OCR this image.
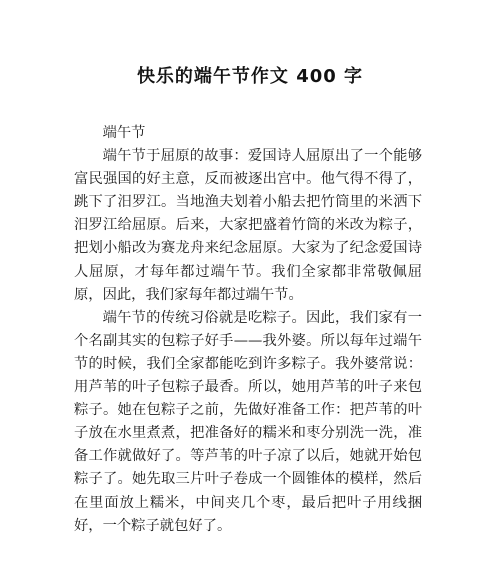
快乐的端午节作文 400 字

端午节

端午节于屈原的故事：爱国诗人屈原出了一个能够富民强国的好主意，反而被逐出宫中。他气得不得了，跳下了汨罗江。当地渔夫划着小船去把竹筒里的米洒下汨罗江给屈原。后来，大家把盛着竹筒的米改为粽子，把划小船改为赛龙舟来纪念屈原。大家为了纪念爱国诗人屈原，才每年都过端午节。我们全家都非常敬佩屈原，因此，我们家每年都过端午节。

端午节的传统习俗就是吃粽子。因此，我们家有一个名副其实的包粽子好手——我外婆。所以每年过端午节的时候，我们全家都能吃到许多粽子。我外婆常说：用芦苇的叶子包粽子最香。所以，她用芦苇的叶子来包粽子。她在包粽子之前，先做好准备工作：把芦苇的叶子放在水里煮煮，把准备好的糯米和枣分别洗一洗，准备工作就做好了。等芦苇的叶子凉了以后，她就开始包粽子了。她先取三片叶子卷成一个圆锥体的模样，然后在里面放上糯米，中间夹几个枣，最后把叶子用线捆好，一个粽子就包好了。
